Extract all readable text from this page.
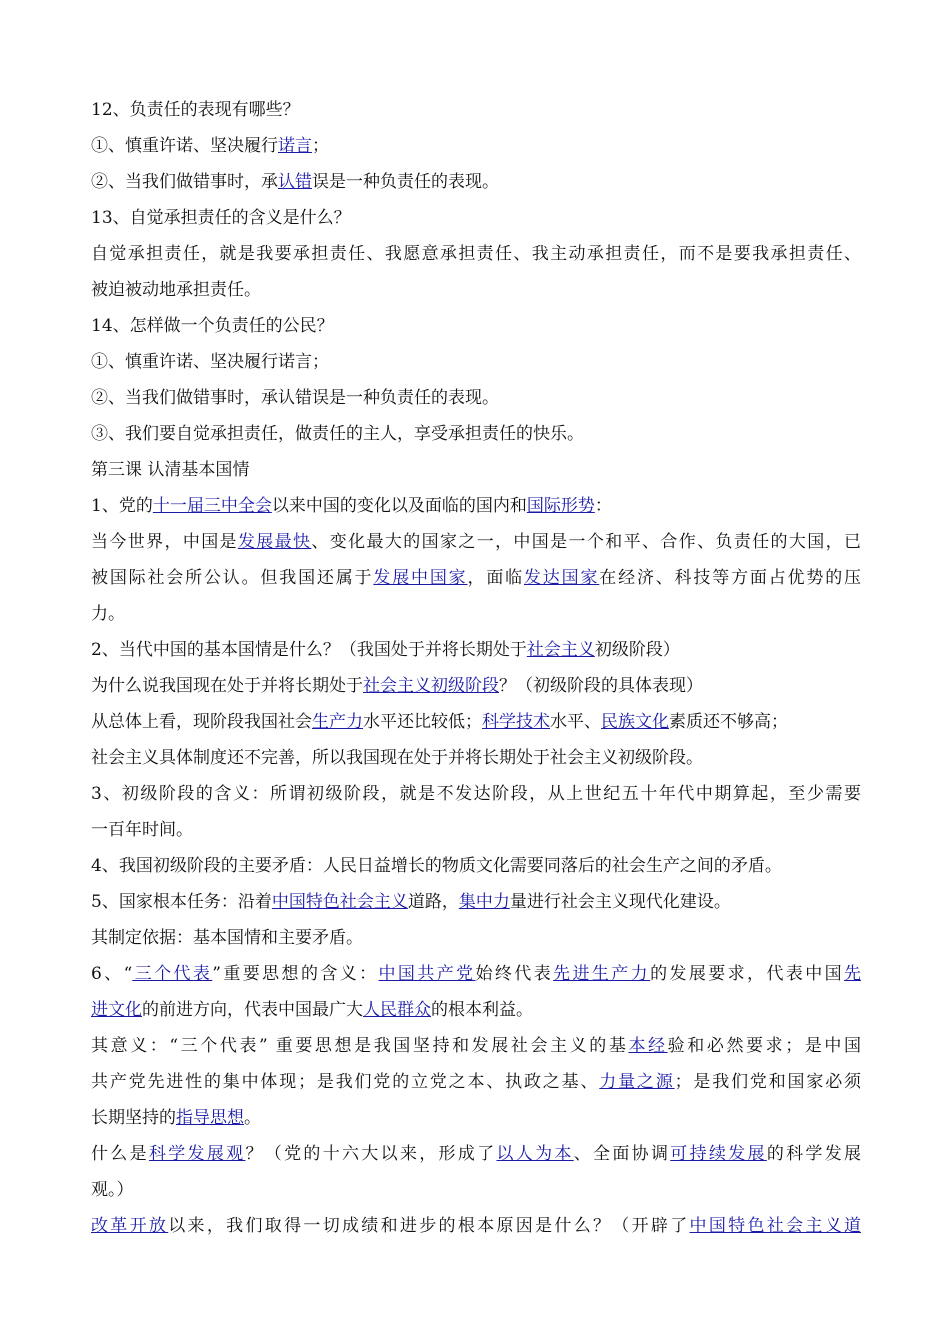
12、负责任的表现有哪些？
①、慎重许诺、坚决履行诺言；
②、当我们做错事时，承认错误是一种负责任的表现。
13、自觉承担责任的含义是什么？
自觉承担责任，就是我要承担责任、我愿意承担责任、我主动承担责任，而不是要我承担责任、
被迫被动地承担责任。
14、怎样做一个负责任的公民？
①、慎重许诺、坚决履行诺言；
②、当我们做错事时，承认错误是一种负责任的表现。
③、我们要自觉承担责任，做责任的主人，享受承担责任的快乐。
第三课 认清基本国情
1、党的十一届三中全会以来中国的变化以及面临的国内和国际形势：
当今世界，中国是发展最快、变化最大的国家之一，中国是一个和平、合作、负责任的大国，已
被国际社会所公认。但我国还属于发展中国家，面临发达国家在经济、科技等方面占优势的压
力。
2、当代中国的基本国情是什么？（我国处于并将长期处于社会主义初级阶段）
为什么说我国现在处于并将长期处于社会主义初级阶段？（初级阶段的具体表现）
从总体上看，现阶段我国社会生产力水平还比较低；科学技术水平、民族文化素质还不够高；
社会主义具体制度还不完善，所以我国现在处于并将长期处于社会主义初级阶段。
3、初级阶段的含义：所谓初级阶段，就是不发达阶段，从上世纪五十年代中期算起，至少需要
一百年时间。
4、我国初级阶段的主要矛盾：人民日益增长的物质文化需要同落后的社会生产之间的矛盾。
5、国家根本任务：沿着中国特色社会主义道路，集中力量进行社会主义现代化建设。
其制定依据：基本国情和主要矛盾。
6、“三个代表”重要思想的含义：中国共产党始终代表先进生产力的发展要求，代表中国先
进文化的前进方向，代表中国最广大人民群众的根本利益。
其意义：“三个代表” 重要思想是我国坚持和发展社会主义的基本经验和必然要求；是中国
共产党先进性的集中体现；是我们党的立党之本、执政之基、力量之源；是我们党和国家必须
长期坚持的指导思想。
什么是科学发展观？（党的十六大以来，形成了以人为本、全面协调可持续发展的科学发展
观。）
改革开放以来，我们取得一切成绩和进步的根本原因是什么？（开辟了中国特色社会主义道
